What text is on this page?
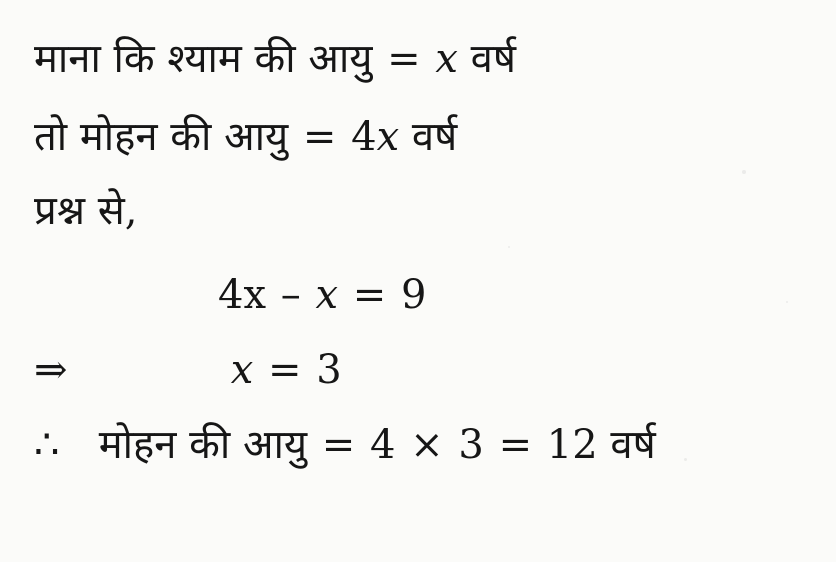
माना कि श्याम की आयु = x वर्ष
तो मोहन की आयु = 4x वर्ष
प्रश्न से,
4x – x = 9
⇒	x = 3
∴ मोहन की आयु = 4 × 3 = 12 वर्ष
